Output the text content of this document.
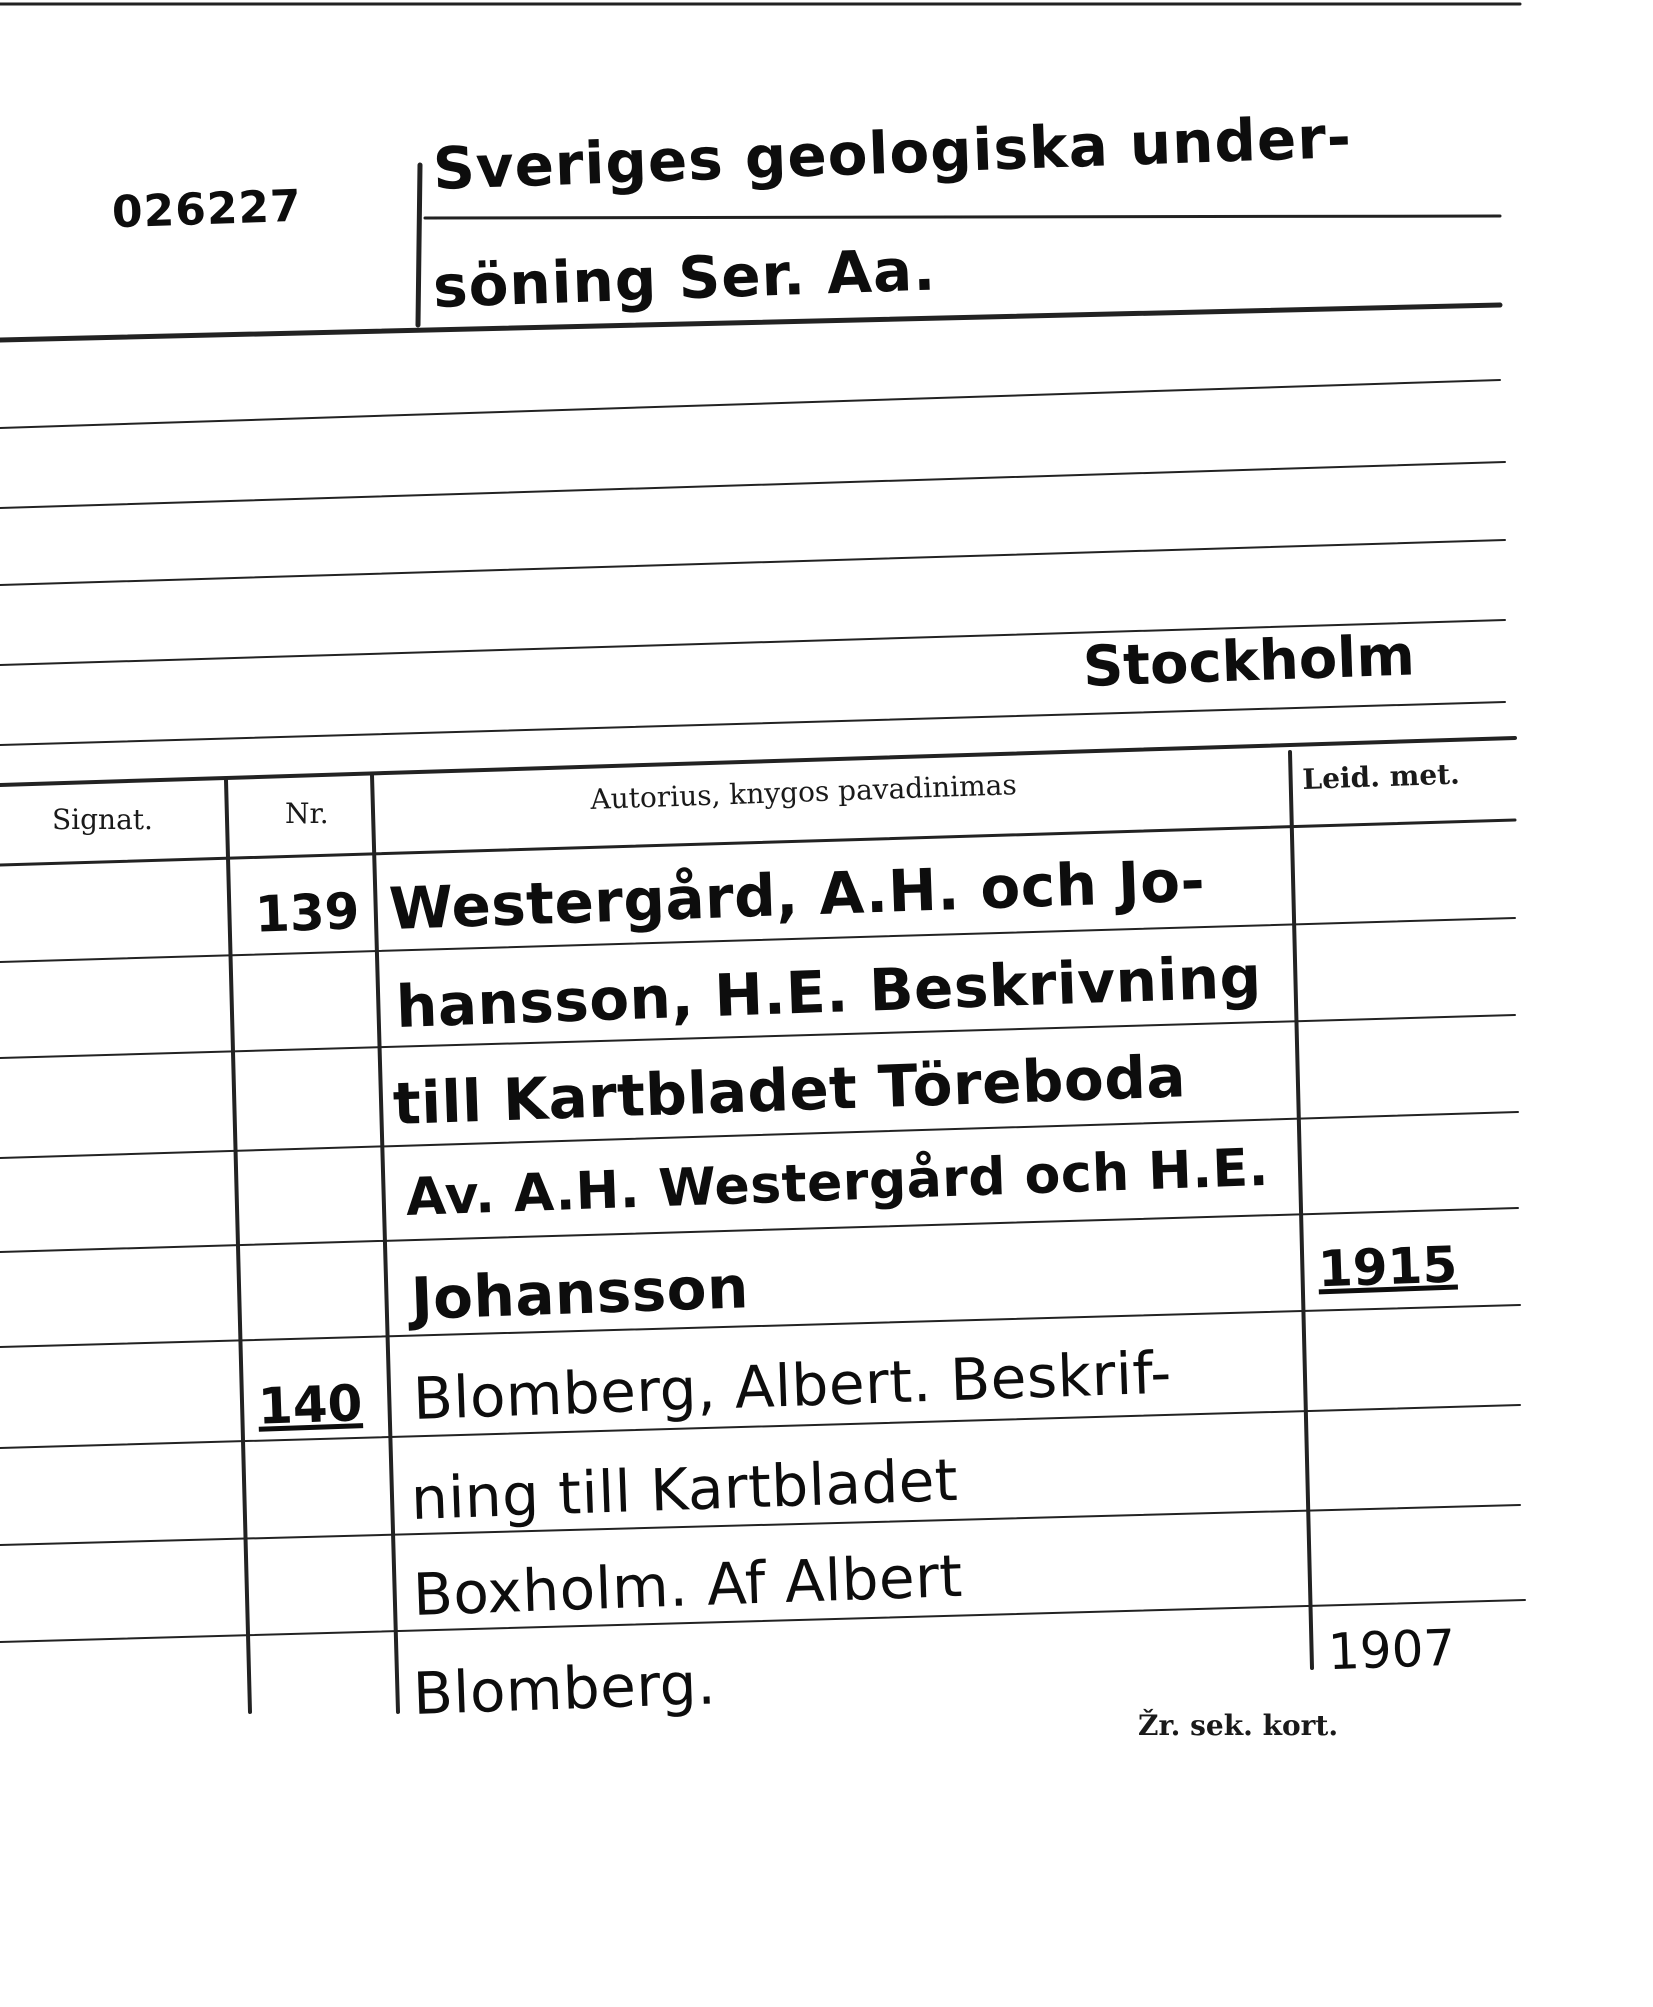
026227
Sveriges geologiska under-
söning Ser. Aa.
Stockholm
Signat.	Nr.	Autorius, knygos pavadinimas	Leid. met.
139 Westergård, A.H. och Jo-
hansson, H.E. Beskrivning
till Kartbladet Töreboda
Av. A.H. Westergård och H.E.
Johansson	1915
140 Blomberg, Albert. Beskrif-
ning till Kartbladet
Boxholm. Af Albert
Blomberg.	1907
Žr. sek. kort.
